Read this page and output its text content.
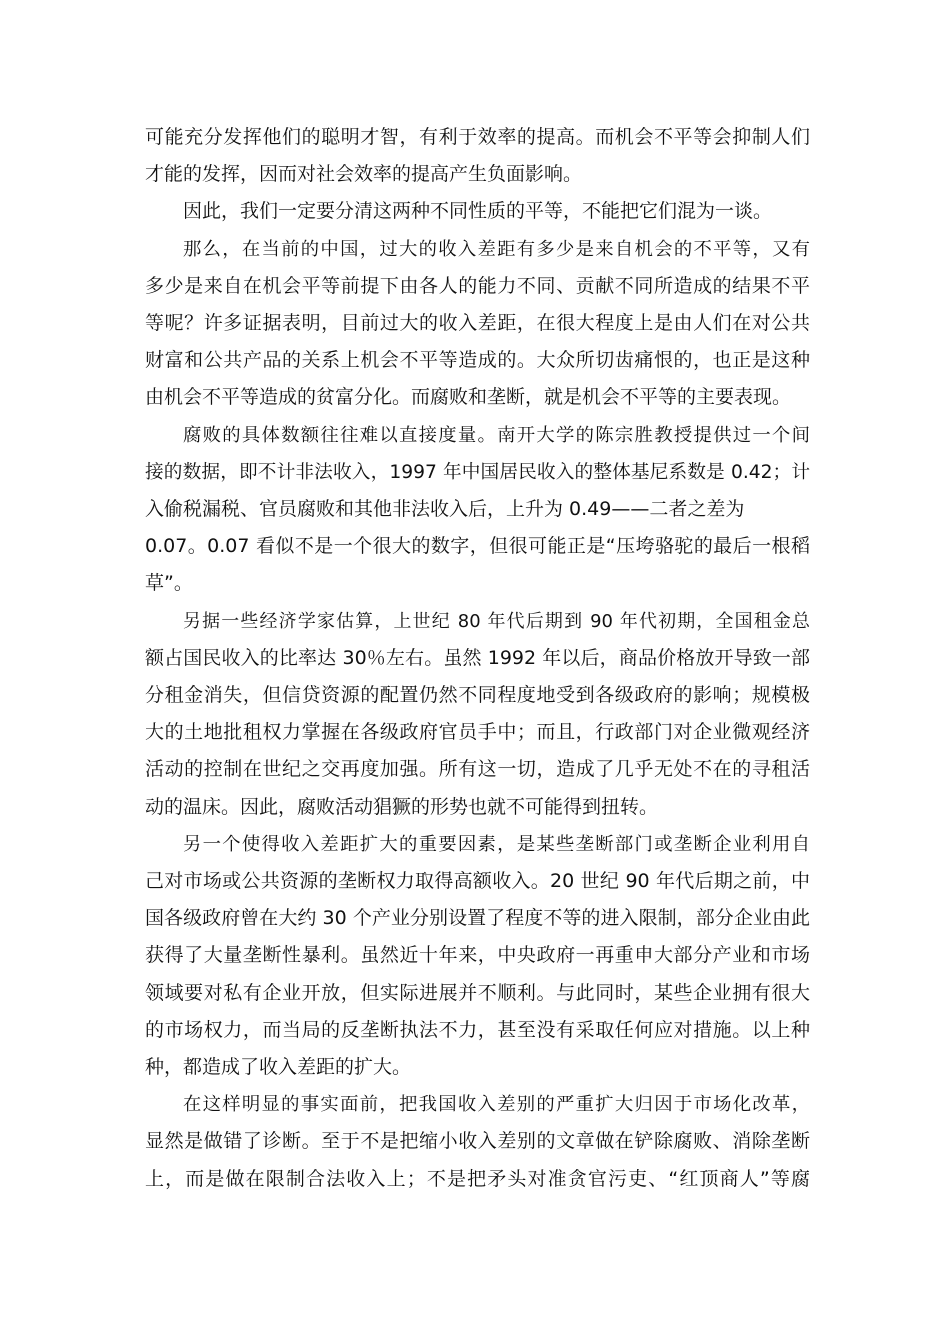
可能充分发挥他们的聪明才智，有利于效率的提高。而机会不平等会抑制人们
才能的发挥，因而对社会效率的提高产生负面影响。

因此，我们一定要分清这两种不同性质的平等，不能把它们混为一谈。

那么，在当前的中国，过大的收入差距有多少是来自机会的不平等，又有
多少是来自在机会平等前提下由各人的能力不同、贡献不同所造成的结果不平
等呢？许多证据表明，目前过大的收入差距，在很大程度上是由人们在对公共
财富和公共产品的关系上机会不平等造成的。大众所切齿痛恨的，也正是这种
由机会不平等造成的贫富分化。而腐败和垄断，就是机会不平等的主要表现。

腐败的具体数额往往难以直接度量。南开大学的陈宗胜教授提供过一个间
接的数据，即不计非法收入，1997 年中国居民收入的整体基尼系数是 0.42；计
入偷税漏税、官员腐败和其他非法收入后，上升为 0.49——二者之差为
0.07。0.07 看似不是一个很大的数字，但很可能正是“压垮骆驼的最后一根稻
草”。

另据一些经济学家估算，上世纪 80 年代后期到 90 年代初期，全国租金总
额占国民收入的比率达 30％左右。虽然 1992 年以后，商品价格放开导致一部
分租金消失，但信贷资源的配置仍然不同程度地受到各级政府的影响；规模极
大的土地批租权力掌握在各级政府官员手中；而且，行政部门对企业微观经济
活动的控制在世纪之交再度加强。所有这一切，造成了几乎无处不在的寻租活
动的温床。因此，腐败活动猖獗的形势也就不可能得到扭转。

另一个使得收入差距扩大的重要因素，是某些垄断部门或垄断企业利用自
己对市场或公共资源的垄断权力取得高额收入。20 世纪 90 年代后期之前，中
国各级政府曾在大约 30 个产业分别设置了程度不等的进入限制，部分企业由此
获得了大量垄断性暴利。虽然近十年来，中央政府一再重申大部分产业和市场
领域要对私有企业开放，但实际进展并不顺利。与此同时，某些企业拥有很大
的市场权力，而当局的反垄断执法不力，甚至没有采取任何应对措施。以上种
种，都造成了收入差距的扩大。

在这样明显的事实面前，把我国收入差别的严重扩大归因于市场化改革，
显然是做错了诊断。至于不是把缩小收入差别的文章做在铲除腐败、消除垄断
上，而是做在限制合法收入上；不是把矛头对准贪官污吏、“红顶商人”等腐
